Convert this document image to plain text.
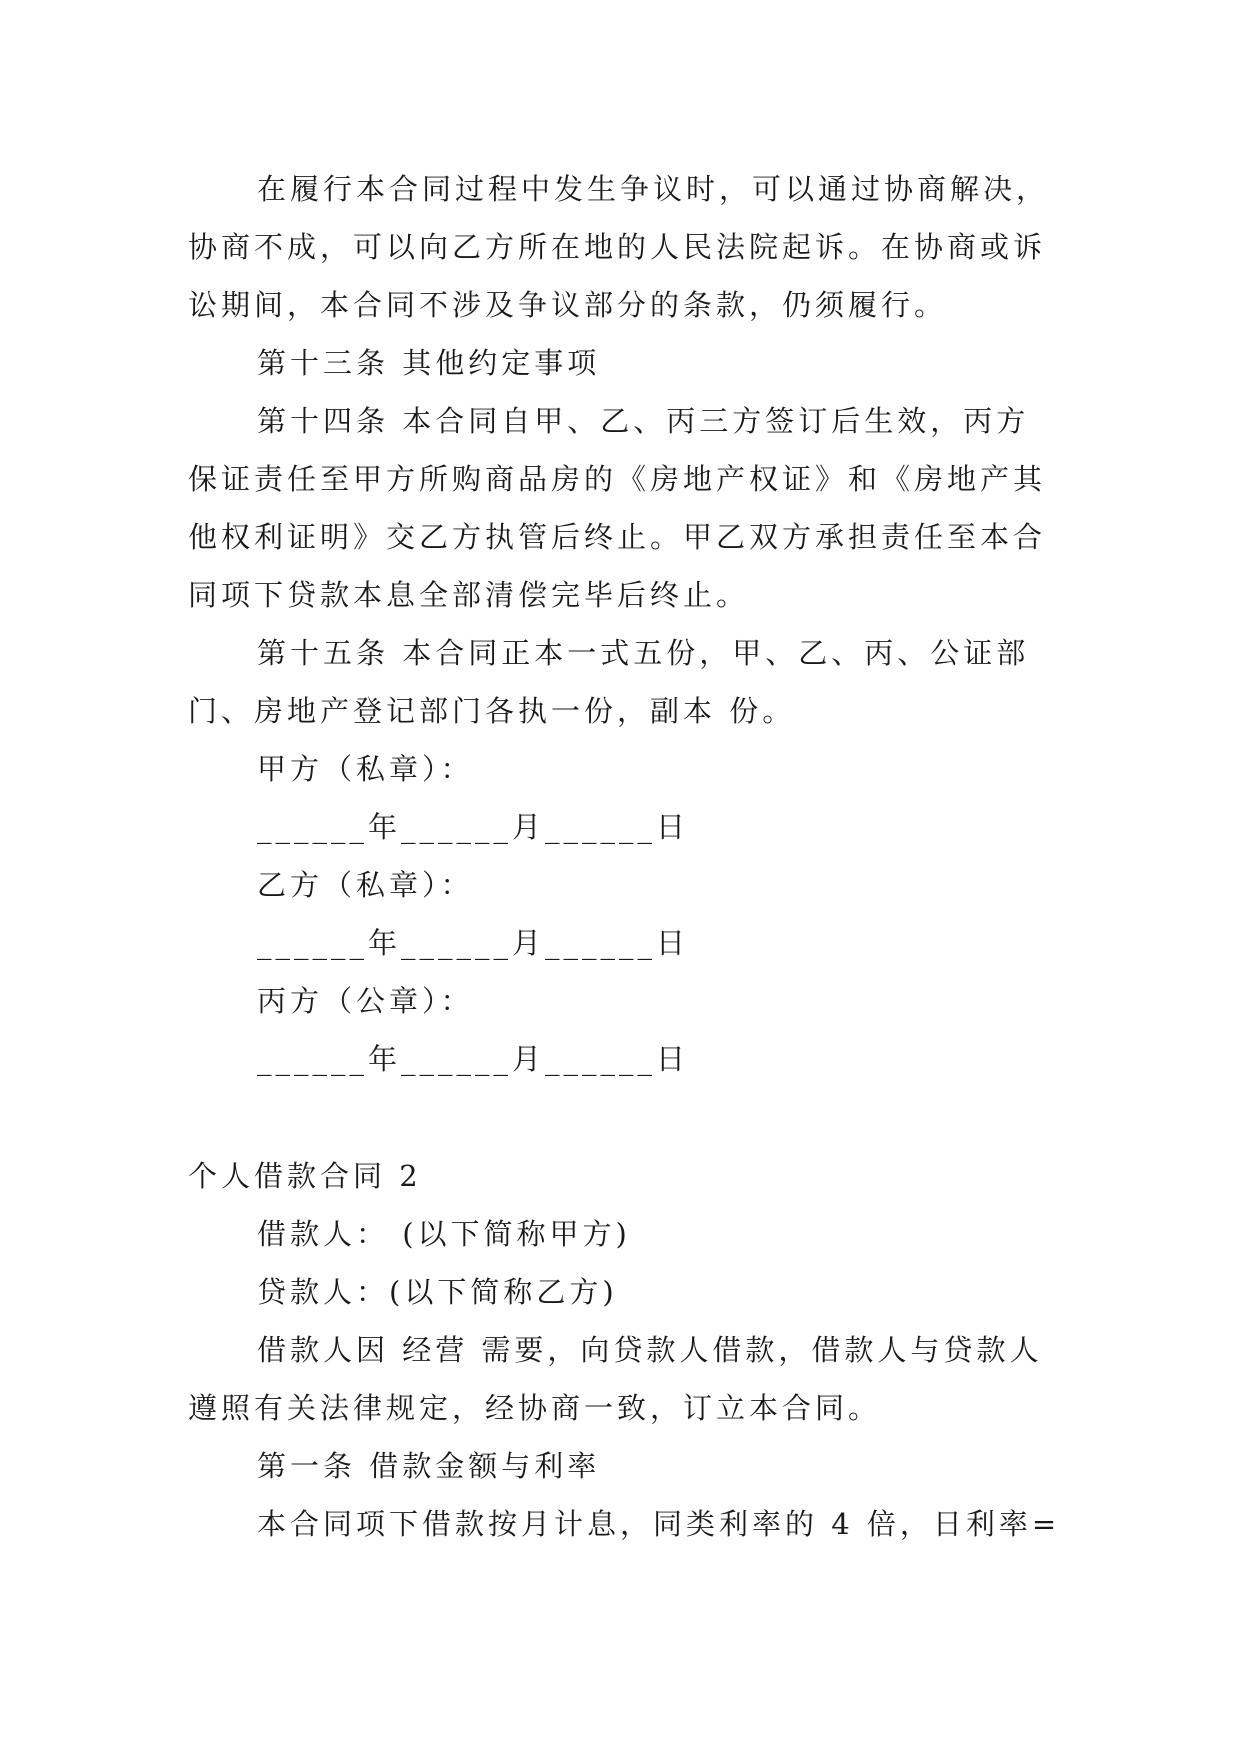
在履行本合同过程中发生争议时，可以通过协商解决，
协商不成，可以向乙方所在地的人民法院起诉。在协商或诉
讼期间，本合同不涉及争议部分的条款，仍须履行。
第十三条 其他约定事项
第十四条 本合同自甲、乙、丙三方签订后生效，丙方
保证责任至甲方所购商品房的《房地产权证》和《房地产其
他权利证明》交乙方执管后终止。甲乙双方承担责任至本合
同项下贷款本息全部清偿完毕后终止。
第十五条 本合同正本一式五份，甲、乙、丙、公证部
门、房地产登记部门各执一份，副本 份。
甲方（私章）：
______年______月______日
乙方（私章）：
______年______月______日
丙方（公章）：
______年______月______日
个人借款合同 2
借款人： (以下简称甲方)
贷款人：(以下简称乙方)
借款人因 经营 需要，向贷款人借款，借款人与贷款人
遵照有关法律规定，经协商一致，订立本合同。
第一条 借款金额与利率
本合同项下借款按月计息，同类利率的 4 倍，日利率=
